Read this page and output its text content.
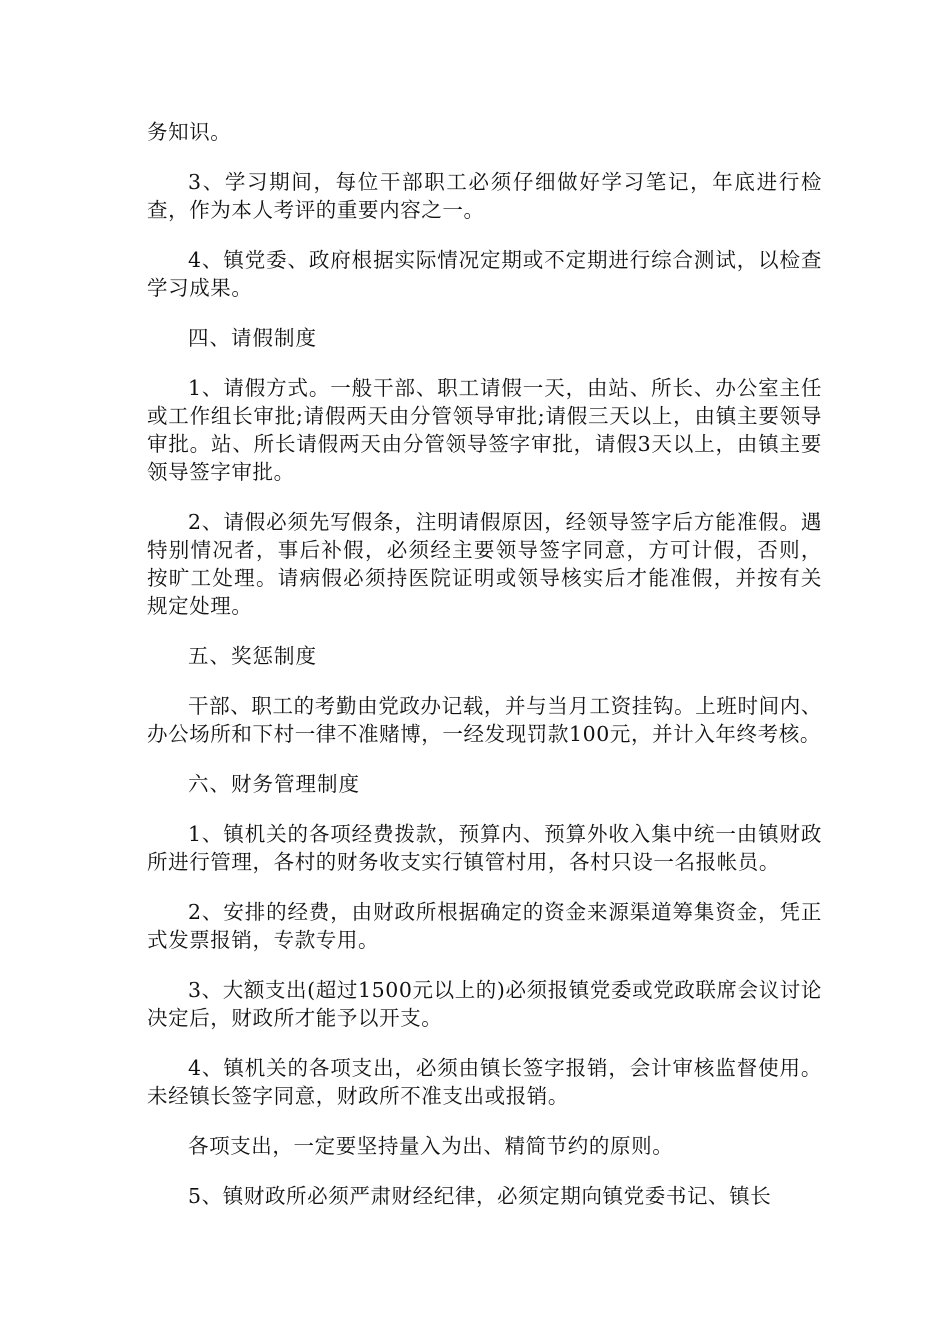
务知识。

3、学习期间，每位干部职工必须仔细做好学习笔记，年底进行检查，作为本人考评的重要内容之一。

4、镇党委、政府根据实际情况定期或不定期进行综合测试，以检查学习成果。

四、请假制度

1、请假方式。一般干部、职工请假一天，由站、所长、办公室主任或工作组长审批;请假两天由分管领导审批;请假三天以上，由镇主要领导审批。站、所长请假两天由分管领导签字审批，请假3天以上，由镇主要领导签字审批。

2、请假必须先写假条，注明请假原因，经领导签字后方能准假。遇特别情况者，事后补假，必须经主要领导签字同意，方可计假，否则，按旷工处理。请病假必须持医院证明或领导核实后才能准假，并按有关规定处理。

五、奖惩制度

干部、职工的考勤由党政办记载，并与当月工资挂钩。上班时间内、办公场所和下村一律不准赌博，一经发现罚款100元，并计入年终考核。

六、财务管理制度

1、镇机关的各项经费拨款，预算内、预算外收入集中统一由镇财政所进行管理，各村的财务收支实行镇管村用，各村只设一名报帐员。

2、安排的经费，由财政所根据确定的资金来源渠道筹集资金，凭正式发票报销，专款专用。

3、大额支出(超过1500元以上的)必须报镇党委或党政联席会议讨论决定后，财政所才能予以开支。

4、镇机关的各项支出，必须由镇长签字报销，会计审核监督使用。未经镇长签字同意，财政所不准支出或报销。

各项支出，一定要坚持量入为出、精简节约的原则。

5、镇财政所必须严肃财经纪律，必须定期向镇党委书记、镇长
